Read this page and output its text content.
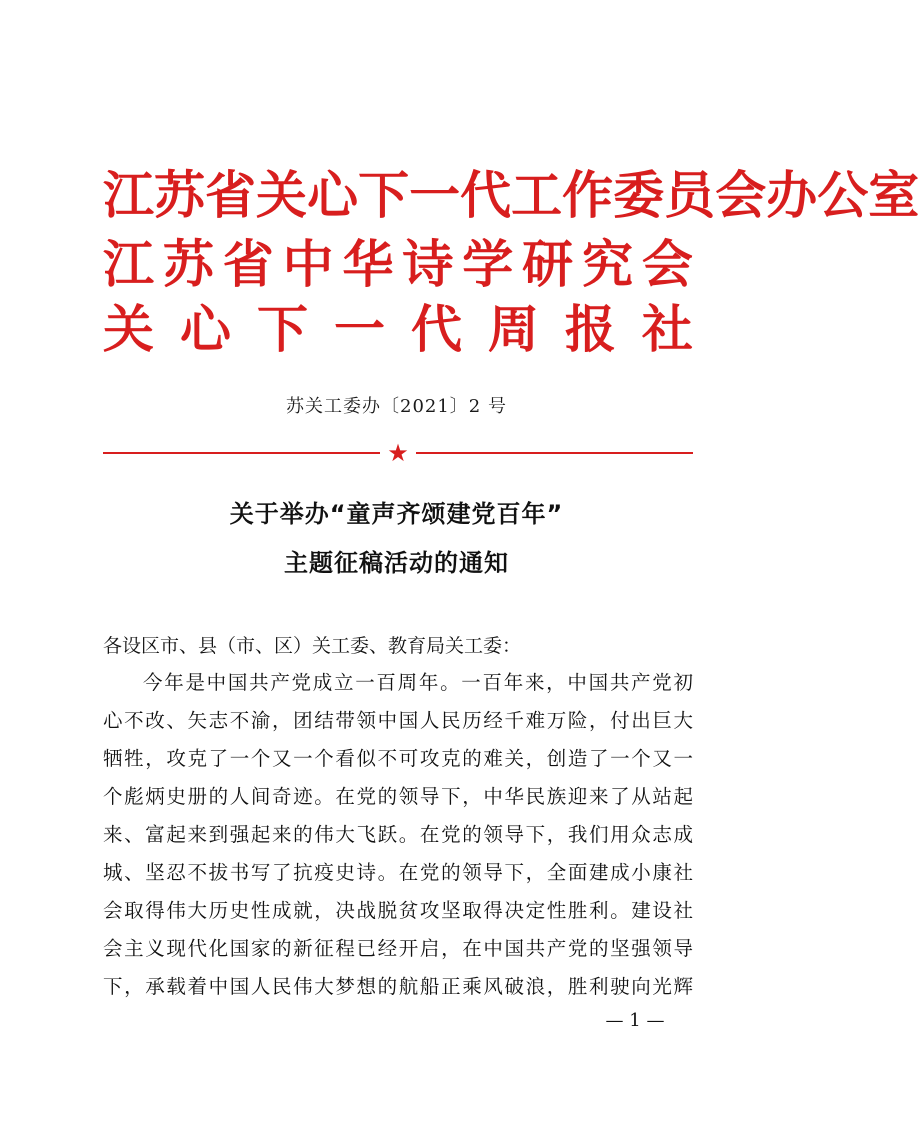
江 苏 省 关 心 下 一 代 工 作 委 员 会 办 公 室
江 苏 省 中 华 诗 学 研 究 会
关 心 下 一 代 周 报 社
苏关工委办〔2021〕2 号
★
关于举办“童声齐颂建党百年”
主题征稿活动的通知
各设区市、县（市、区）关工委、教育局关工委：
今年是中国共产党成立一百周年。一百年来，中国共产党初
心不改、矢志不渝，团结带领中国人民历经千难万险，付出巨大
牺牲，攻克了一个又一个看似不可攻克的难关，创造了一个又一
个彪炳史册的人间奇迹。在党的领导下，中华民族迎来了从站起
来、富起来到强起来的伟大飞跃。在党的领导下，我们用众志成
城、坚忍不拔书写了抗疫史诗。在党的领导下，全面建成小康社
会取得伟大历史性成就，决战脱贫攻坚取得决定性胜利。建设社
会主义现代化国家的新征程已经开启，在中国共产党的坚强领导
下，承载着中国人民伟大梦想的航船正乘风破浪，胜利驶向光辉
— 1 —
